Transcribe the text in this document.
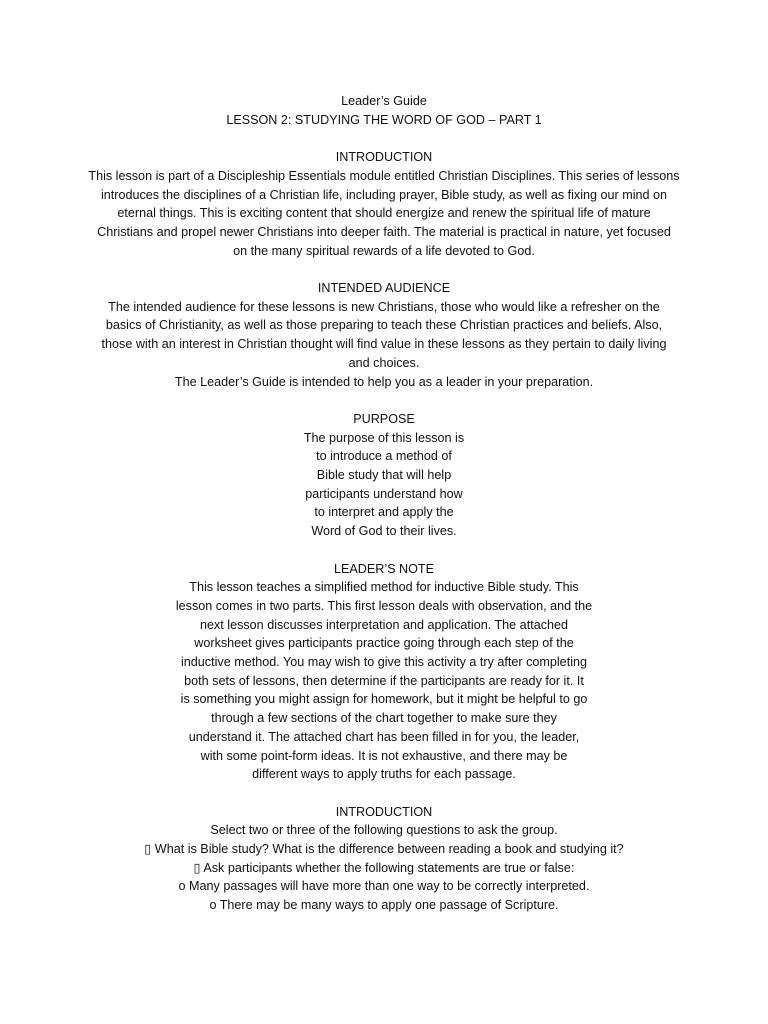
Leader’s Guide
LESSON 2: STUDYING THE WORD OF GOD – PART 1
INTRODUCTION
This lesson is part of a Discipleship Essentials module entitled Christian Disciplines. This series of lessons
introduces the disciplines of a Christian life, including prayer, Bible study, as well as fixing our mind on
eternal things. This is exciting content that should energize and renew the spiritual life of mature
Christians and propel newer Christians into deeper faith. The material is practical in nature, yet focused
on the many spiritual rewards of a life devoted to God.
INTENDED AUDIENCE
The intended audience for these lessons is new Christians, those who would like a refresher on the
basics of Christianity, as well as those preparing to teach these Christian practices and beliefs. Also,
those with an interest in Christian thought will find value in these lessons as they pertain to daily living
and choices.
The Leader’s Guide is intended to help you as a leader in your preparation.
PURPOSE
The purpose of this lesson is
to introduce a method of
Bible study that will help
participants understand how
to interpret and apply the
Word of God to their lives.
LEADER’S NOTE
This lesson teaches a simplified method for inductive Bible study. This
lesson comes in two parts. This first lesson deals with observation, and the
next lesson discusses interpretation and application. The attached
worksheet gives participants practice going through each step of the
inductive method. You may wish to give this activity a try after completing
both sets of lessons, then determine if the participants are ready for it. It
is something you might assign for homework, but it might be helpful to go
through a few sections of the chart together to make sure they
understand it. The attached chart has been filled in for you, the leader,
with some point-form ideas. It is not exhaustive, and there may be
different ways to apply truths for each passage.
INTRODUCTION
Select two or three of the following questions to ask the group.
▯ What is Bible study? What is the difference between reading a book and studying it?
▯ Ask participants whether the following statements are true or false:
o Many passages will have more than one way to be correctly interpreted.
o There may be many ways to apply one passage of Scripture.
